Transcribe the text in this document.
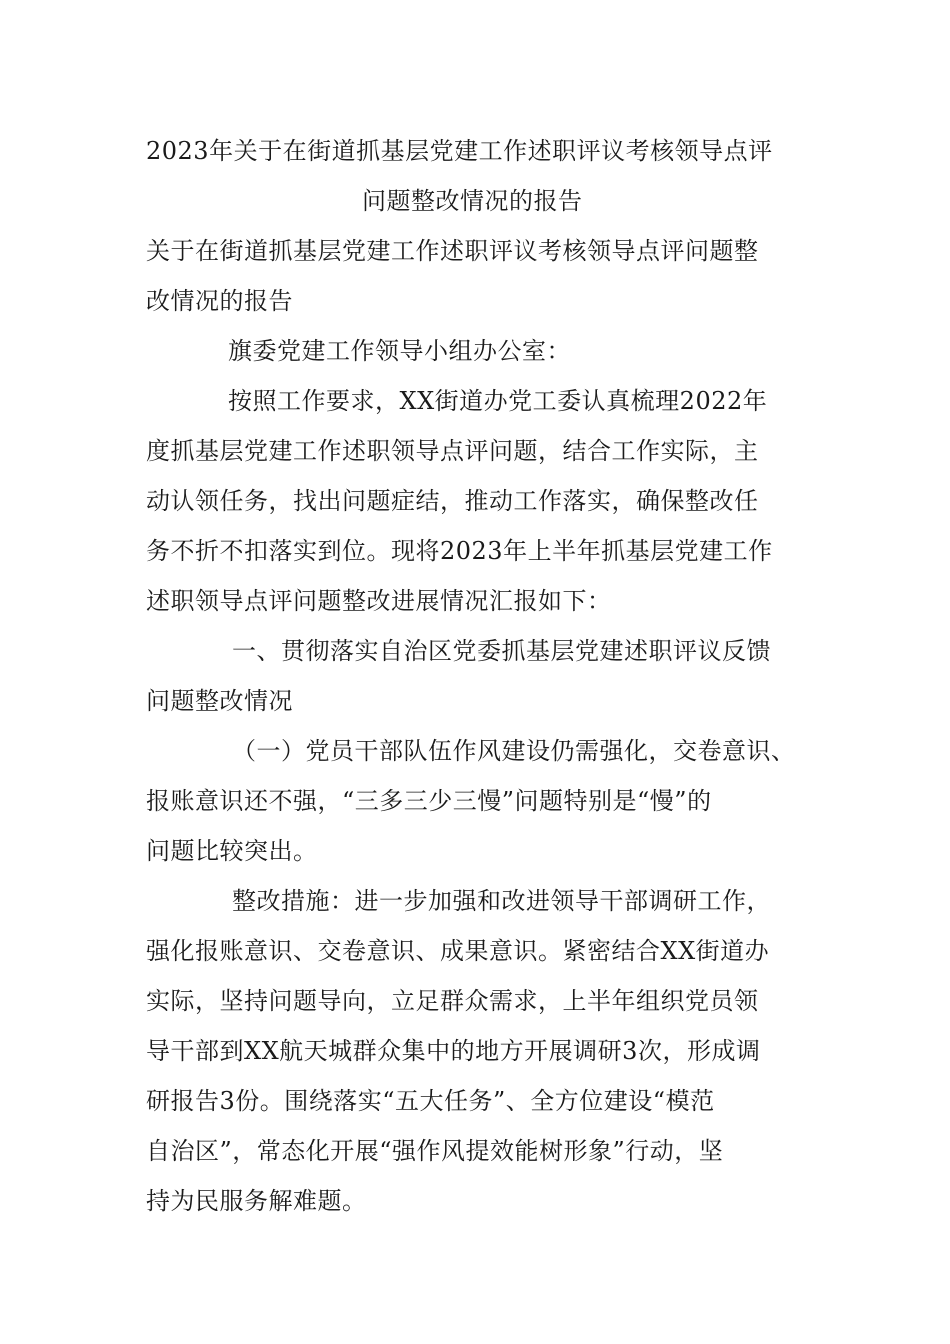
2023年关于在街道抓基层党建工作述职评议考核领导点评
问题整改情况的报告
关于在街道抓基层党建工作述职评议考核领导点评问题整
改情况的报告
旗委党建工作领导小组办公室：
按照工作要求，XX街道办党工委认真梳理2022年
度抓基层党建工作述职领导点评问题，结合工作实际，主
动认领任务，找出问题症结，推动工作落实，确保整改任
务不折不扣落实到位。现将2023年上半年抓基层党建工作
述职领导点评问题整改进展情况汇报如下：
一、贯彻落实自治区党委抓基层党建述职评议反馈
问题整改情况
（一）党员干部队伍作风建设仍需强化，交卷意识、
报账意识还不强，“三多三少三慢”问题特别是“慢”的
问题比较突出。
整改措施：进一步加强和改进领导干部调研工作，
强化报账意识、交卷意识、成果意识。紧密结合XX街道办
实际，坚持问题导向，立足群众需求，上半年组织党员领
导干部到XX航天城群众集中的地方开展调研3次，形成调
研报告3份。围绕落实“五大任务”、全方位建设“模范
自治区”，常态化开展“强作风提效能树形象”行动，坚
持为民服务解难题。
